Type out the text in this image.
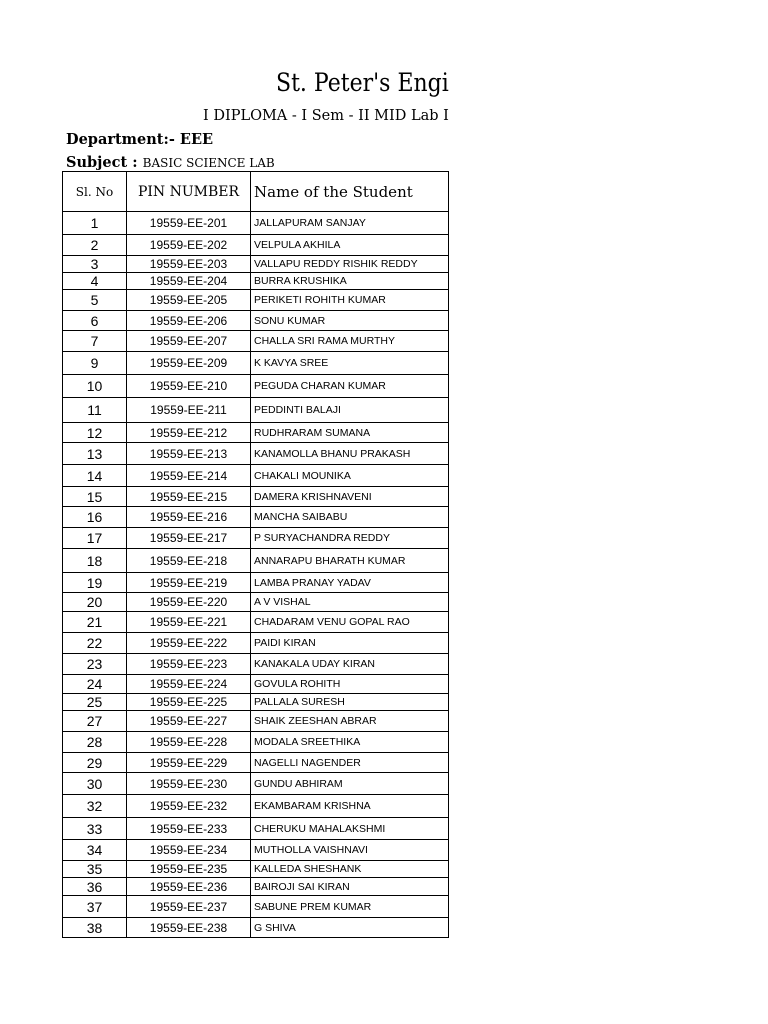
St. Peter's Engi
I DIPLOMA - I Sem - II MID Lab I
Department:- EEE
Subject : BASIC SCIENCE LAB
Sl. No	PIN NUMBER	Name of the Student
1	19559-EE-201	JALLAPURAM SANJAY
2	19559-EE-202	VELPULA AKHILA
3	19559-EE-203	VALLAPU REDDY RISHIK REDDY
4	19559-EE-204	BURRA KRUSHIKA
5	19559-EE-205	PERIKETI ROHITH KUMAR
6	19559-EE-206	SONU KUMAR
7	19559-EE-207	CHALLA SRI RAMA MURTHY
9	19559-EE-209	K KAVYA SREE
10	19559-EE-210	PEGUDA CHARAN KUMAR
11	19559-EE-211	PEDDINTI BALAJI
12	19559-EE-212	RUDHRARAM SUMANA
13	19559-EE-213	KANAMOLLA BHANU PRAKASH
14	19559-EE-214	CHAKALI MOUNIKA
15	19559-EE-215	DAMERA KRISHNAVENI
16	19559-EE-216	MANCHA SAIBABU
17	19559-EE-217	P SURYACHANDRA REDDY
18	19559-EE-218	ANNARAPU BHARATH KUMAR
19	19559-EE-219	LAMBA PRANAY YADAV
20	19559-EE-220	A V VISHAL
21	19559-EE-221	CHADARAM VENU GOPAL RAO
22	19559-EE-222	PAIDI KIRAN
23	19559-EE-223	KANAKALA UDAY KIRAN
24	19559-EE-224	GOVULA ROHITH
25	19559-EE-225	PALLALA SURESH
27	19559-EE-227	SHAIK ZEESHAN ABRAR
28	19559-EE-228	MODALA SREETHIKA
29	19559-EE-229	NAGELLI NAGENDER
30	19559-EE-230	GUNDU ABHIRAM
32	19559-EE-232	EKAMBARAM KRISHNA
33	19559-EE-233	CHERUKU MAHALAKSHMI
34	19559-EE-234	MUTHOLLA VAISHNAVI
35	19559-EE-235	KALLEDA SHESHANK
36	19559-EE-236	BAIROJI SAI KIRAN
37	19559-EE-237	SABUNE PREM KUMAR
38	19559-EE-238	G SHIVA
